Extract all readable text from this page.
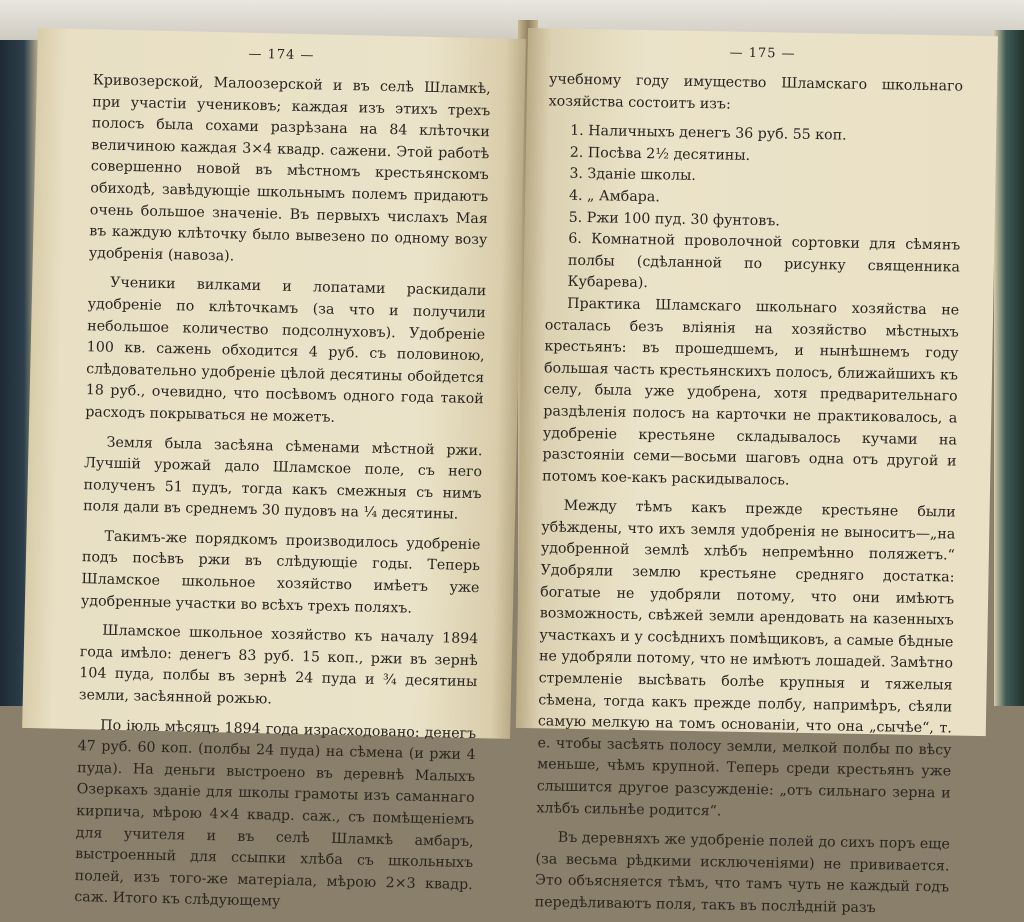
— 174 —

Кривозерской, Малоозерской и въ селѣ Шламкѣ, при участіи учениковъ; каждая изъ этихъ трехъ полосъ была сохами разрѣзана на 84 клѣточки величиною каждая 3×4 квадр. сажени. Этой работѣ совершенно новой въ мѣстномъ крестьянскомъ обиходѣ, завѣдующіе школьнымъ полемъ придаютъ очень большое значеніе. Въ первыхъ числахъ Мая въ каждую клѣточку было вывезено по одному возу удобренія (навоза).

Ученики вилками и лопатами раскидали удобреніе по клѣточкамъ (за что и получили небольшое количество подсолнуховъ). Удобреніе 100 кв. сажень обходится 4 руб. съ половиною, слѣдовательно удобреніе цѣлой десятины обойдется 18 руб., очевидно, что посѣвомъ одного года такой расходъ покрываться не можетъ.

Земля была засѣяна сѣменами мѣстной ржи. Лучшій урожай дало Шламское поле, съ него полученъ 51 пудъ, тогда какъ смежныя съ нимъ поля дали въ среднемъ 30 пудовъ на ¼ десятины.

Такимъ-же порядкомъ производилось удобреніе подъ посѣвъ ржи въ слѣдующіе годы. Теперь Шламское школьное хозяйство имѣетъ уже удобренные участки во всѣхъ трехъ поляхъ.

Шламское школьное хозяйство къ началу 1894 года имѣло: денегъ 83 руб. 15 коп., ржи въ зернѣ 104 пуда, полбы въ зернѣ 24 пуда и ¾ десятины земли, засѣянной рожью.

По іюль мѣсяцъ 1894 года израсходовано: денегъ 47 руб. 60 коп. (полбы 24 пуда) на сѣмена (и ржи 4 пуда). На деньги выстроено въ деревнѣ Малыхъ Озеркахъ зданіе для школы грамоты изъ саманнаго кирпича, мѣрою 4×4 квадр. саж., съ помѣщеніемъ для учителя и въ селѣ Шламкѣ амбаръ, выстроенный для ссыпки хлѣба съ школьныхъ полей, изъ того-же матеріала, мѣрою 2×3 квадр. саж. Итого къ слѣдующему

— 175 —

учебному году имущество Шламскаго школьнаго хозяйства состоитъ изъ:

1. Наличныхъ денегъ 36 руб. 55 коп.
2. Посѣва 2½ десятины.
3. Зданіе школы.
4. „ Амбара.
5. Ржи 100 пуд. 30 фунтовъ.
6. Комнатной проволочной сортовки для сѣмянъ полбы (сдѣланной по рисунку священника Кубарева).

Практика Шламскаго школьнаго хозяйства не осталась безъ вліянія на хозяйство мѣстныхъ крестьянъ: въ прошедшемъ, и нынѣшнемъ году большая часть крестьянскихъ полосъ, ближайшихъ къ селу, была уже удобрена, хотя предварительнаго раздѣленія полосъ на карточки не практиковалось, а удобреніе крестьяне складывалось кучами на разстояніи семи—восьми шаговъ одна отъ другой и потомъ кое-какъ раскидывалось.

Между тѣмъ какъ прежде крестьяне были убѣждены, что ихъ земля удобренія не выноситъ—„на удобренной землѣ хлѣбъ непремѣнно поляжетъ.“ Удобряли землю крестьяне средняго достатка: богатые не удобряли потому, что они имѣютъ возможность, свѣжей земли арендовать на казенныхъ участкахъ и у сосѣднихъ помѣщиковъ, а самые бѣдные не удобряли потому, что не имѣютъ лошадей. Замѣтно стремленіе высѣвать болѣе крупныя и тяжелыя сѣмена, тогда какъ прежде полбу, напримѣръ, сѣяли самую мелкую на томъ основаніи, что она „сычѣе“, т. е. чтобы засѣять полосу земли, мелкой полбы по вѣсу меньше, чѣмъ крупной. Теперь среди крестьянъ уже слышится другое разсужденіе: „отъ сильнаго зерна и хлѣбъ сильнѣе родится“.

Въ деревняхъ же удобреніе полей до сихъ поръ еще (за весьма рѣдкими исключеніями) не прививается. Это объясняется тѣмъ, что тамъ чуть не каждый годъ передѣливаютъ поля, такъ въ послѣдній разъ
